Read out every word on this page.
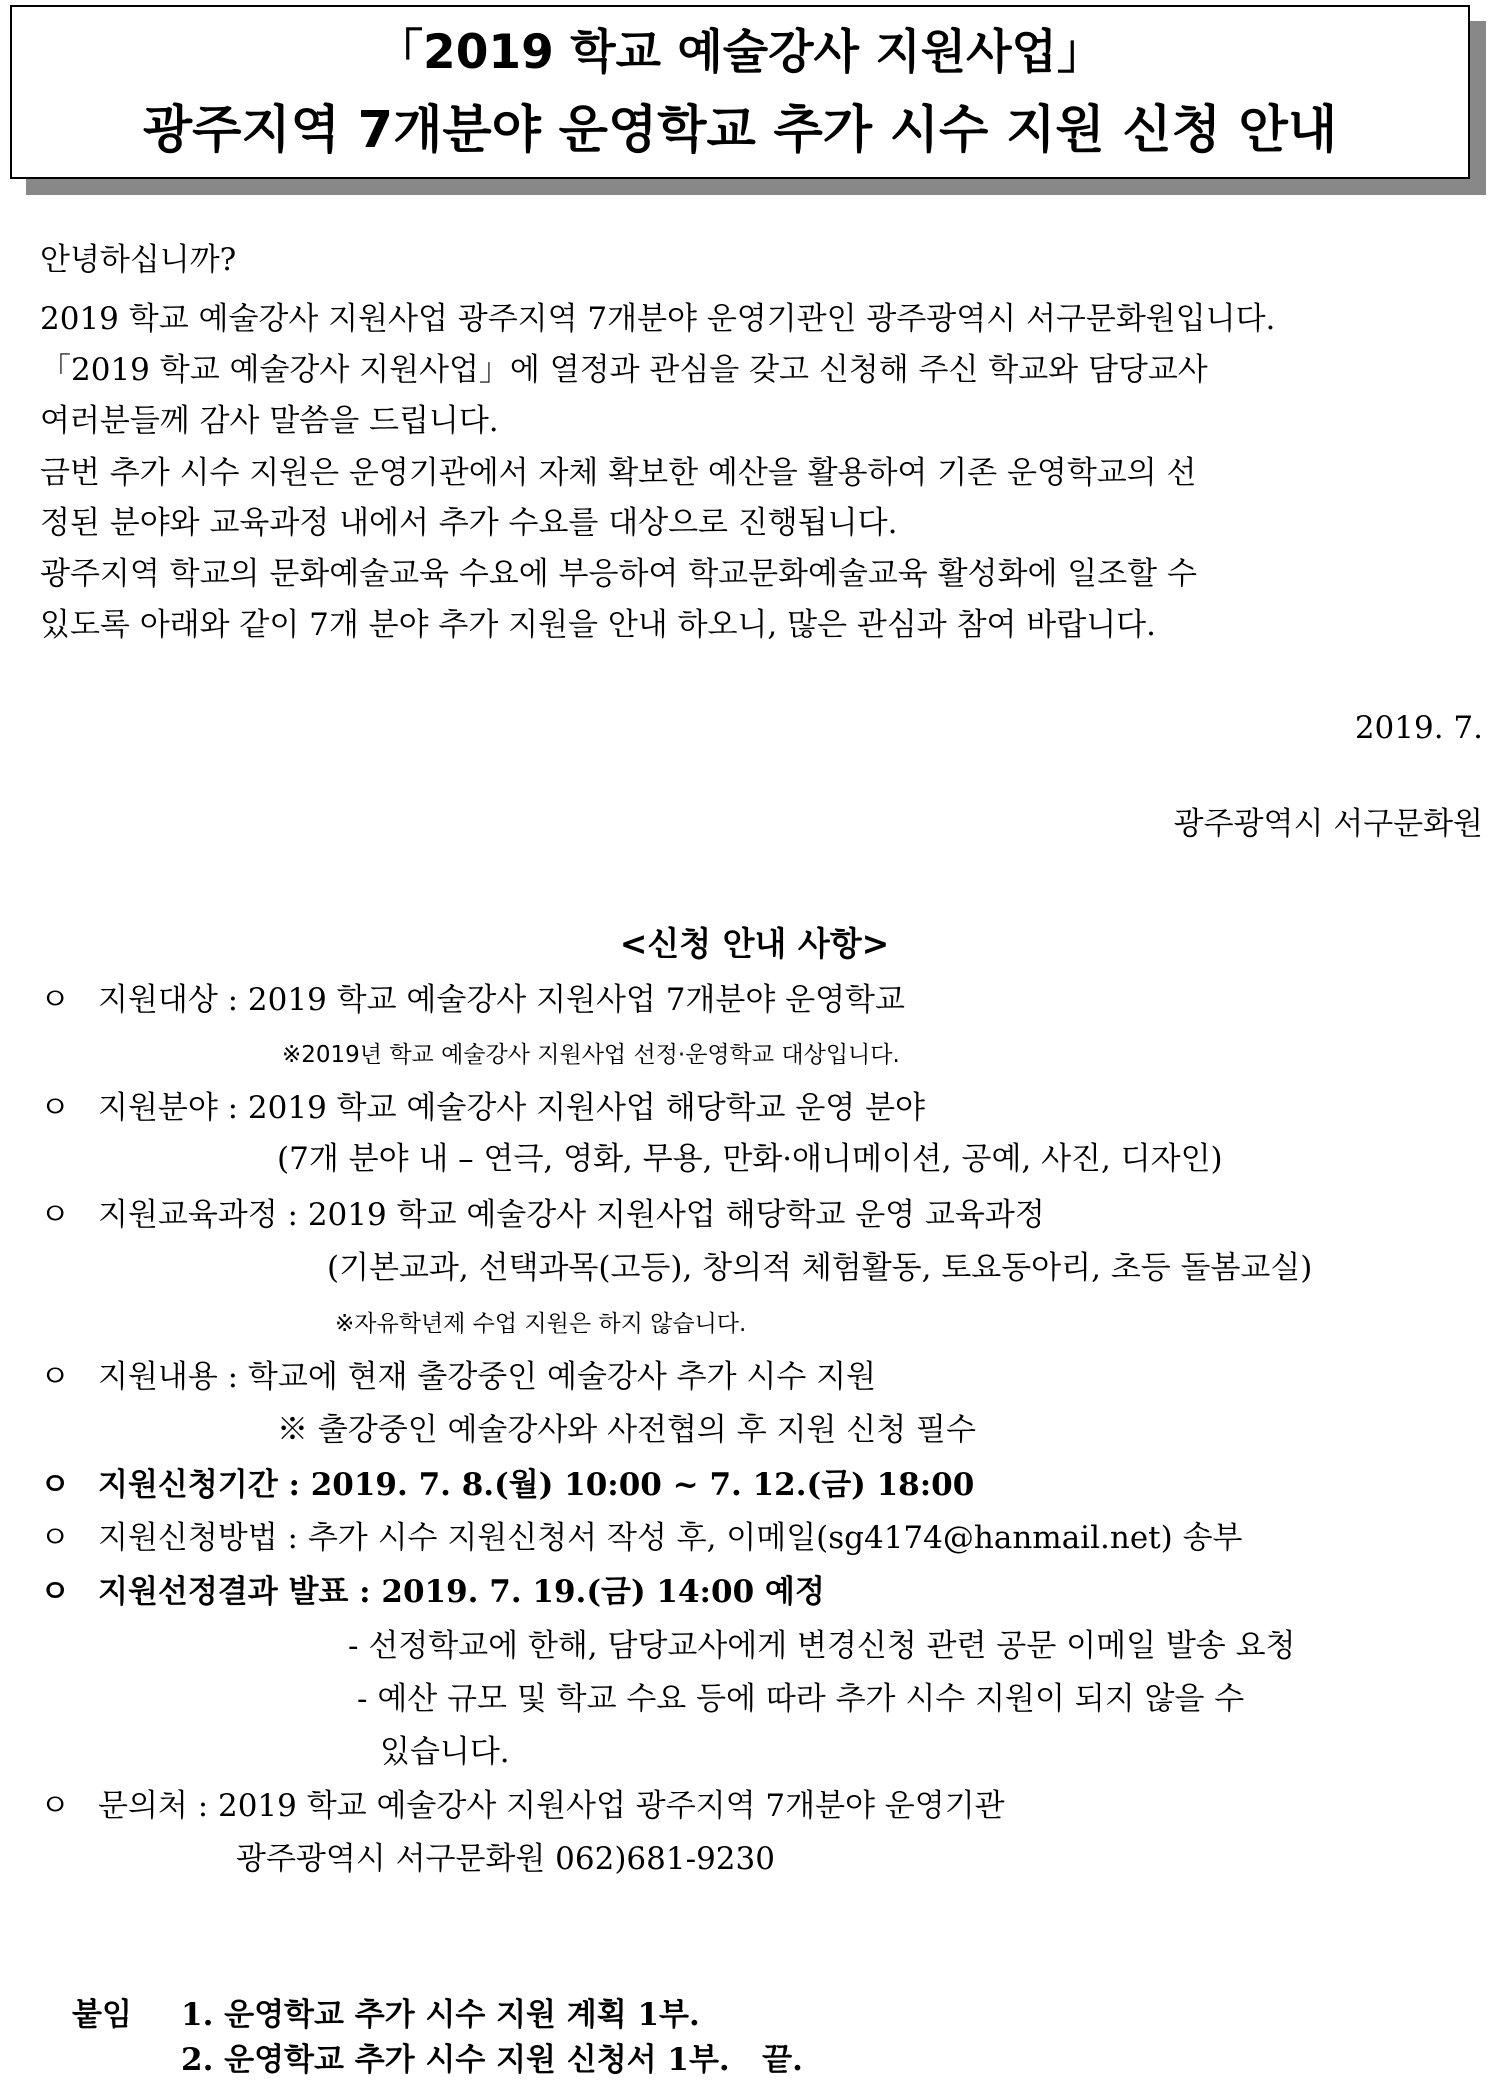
「2019 학교 예술강사 지원사업」
광주지역 7개분야 운영학교 추가 시수 지원 신청 안내
안녕하십니까?
2019 학교 예술강사 지원사업 광주지역 7개분야 운영기관인 광주광역시 서구문화원입니다.
「2019 학교 예술강사 지원사업」에 열정과 관심을 갖고 신청해 주신 학교와 담당교사
여러분들께 감사 말씀을 드립니다.
금번 추가 시수 지원은 운영기관에서 자체 확보한 예산을 활용하여 기존 운영학교의 선
정된 분야와 교육과정 내에서 추가 수요를 대상으로 진행됩니다.
광주지역 학교의 문화예술교육 수요에 부응하여 학교문화예술교육 활성화에 일조할 수
있도록 아래와 같이 7개 분야 추가 지원을 안내 하오니, 많은 관심과 참여 바랍니다.
2019. 7.
광주광역시 서구문화원
<신청 안내 사항>
ㅇ 지원대상 : 2019 학교 예술강사 지원사업 7개분야 운영학교
※2019년 학교 예술강사 지원사업 선정·운영학교 대상입니다.
ㅇ 지원분야 : 2019 학교 예술강사 지원사업 해당학교 운영 분야
(7개 분야 내 – 연극, 영화, 무용, 만화·애니메이션, 공예, 사진, 디자인)
ㅇ 지원교육과정 : 2019 학교 예술강사 지원사업 해당학교 운영 교육과정
(기본교과, 선택과목(고등), 창의적 체험활동, 토요동아리, 초등 돌봄교실)
※자유학년제 수업 지원은 하지 않습니다.
ㅇ 지원내용 : 학교에 현재 출강중인 예술강사 추가 시수 지원
※ 출강중인 예술강사와 사전협의 후 지원 신청 필수
ㅇ 지원신청기간 : 2019. 7. 8.(월) 10:00 ~ 7. 12.(금) 18:00
ㅇ 지원신청방법 : 추가 시수 지원신청서 작성 후, 이메일(sg4174@hanmail.net) 송부
ㅇ 지원선정결과 발표 : 2019. 7. 19.(금) 14:00 예정
- 선정학교에 한해, 담당교사에게 변경신청 관련 공문 이메일 발송 요청
- 예산 규모 및 학교 수요 등에 따라 추가 시수 지원이 되지 않을 수
있습니다.
ㅇ 문의처 : 2019 학교 예술강사 지원사업 광주지역 7개분야 운영기관
광주광역시 서구문화원 062)681-9230
붙임 1. 운영학교 추가 시수 지원 계획 1부.
2. 운영학교 추가 시수 지원 신청서 1부. 끝.
